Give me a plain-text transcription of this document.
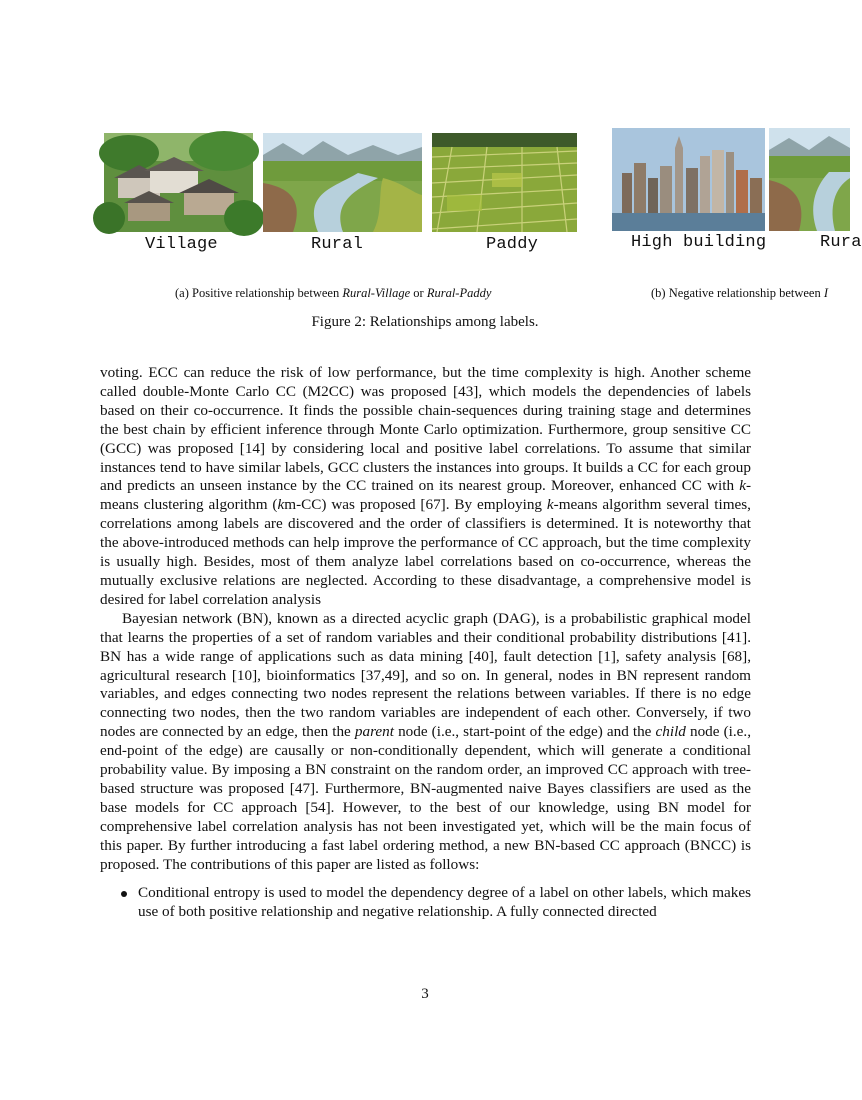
Village	Rural	Paddy	High building	Rura
(a) Positive relationship between Rural-Village or Rural-Paddy	(b) Negative relationship between I
Figure 2: Relationships among labels.

voting. ECC can reduce the risk of low performance, but the time complexity is high. Another scheme called double-Monte Carlo CC (M2CC) was proposed [43], which models the dependencies of labels based on their co-occurrence. It finds the possible chain-sequences during training stage and determines the best chain by efficient inference through Monte Carlo optimization. Furthermore, group sensitive CC (GCC) was proposed [14] by considering local and positive label correlations. To assume that similar instances tend to have similar labels, GCC clusters the instances into groups. It builds a CC for each group and predicts an unseen instance by the CC trained on its nearest group. Moreover, enhanced CC with k-means clustering algorithm (km-CC) was proposed [67]. By employing k-means algorithm several times, correlations among labels are discovered and the order of classifiers is determined. It is noteworthy that the above-introduced methods can help improve the performance of CC approach, but the time complexity is usually high. Besides, most of them analyze label correlations based on co-occurrence, whereas the mutually exclusive relations are neglected. According to these disadvantage, a comprehensive model is desired for label correlation analysis

Bayesian network (BN), known as a directed acyclic graph (DAG), is a probabilistic graphical model that learns the properties of a set of random variables and their conditional probability distributions [41]. BN has a wide range of applications such as data mining [40], fault detection [1], safety analysis [68], agricultural research [10], bioinformatics [37,49], and so on. In general, nodes in BN represent random variables, and edges connecting two nodes represent the relations between variables. If there is no edge connecting two nodes, then the two random variables are independent of each other. Conversely, if two nodes are connected by an edge, then the parent node (i.e., start-point of the edge) and the child node (i.e., end-point of the edge) are causally or non-conditionally dependent, which will generate a conditional probability value. By imposing a BN constraint on the random order, an improved CC approach with tree-based structure was proposed [47]. Furthermore, BN-augmented naive Bayes classifiers are used as the base models for CC approach [54]. However, to the best of our knowledge, using BN model for comprehensive label correlation analysis has not been investigated yet, which will be the main focus of this paper. By further introducing a fast label ordering method, a new BN-based CC approach (BNCC) is proposed. The contributions of this paper are listed as follows:

Conditional entropy is used to model the dependency degree of a label on other labels, which makes use of both positive relationship and negative relationship. A fully connected directed
3
